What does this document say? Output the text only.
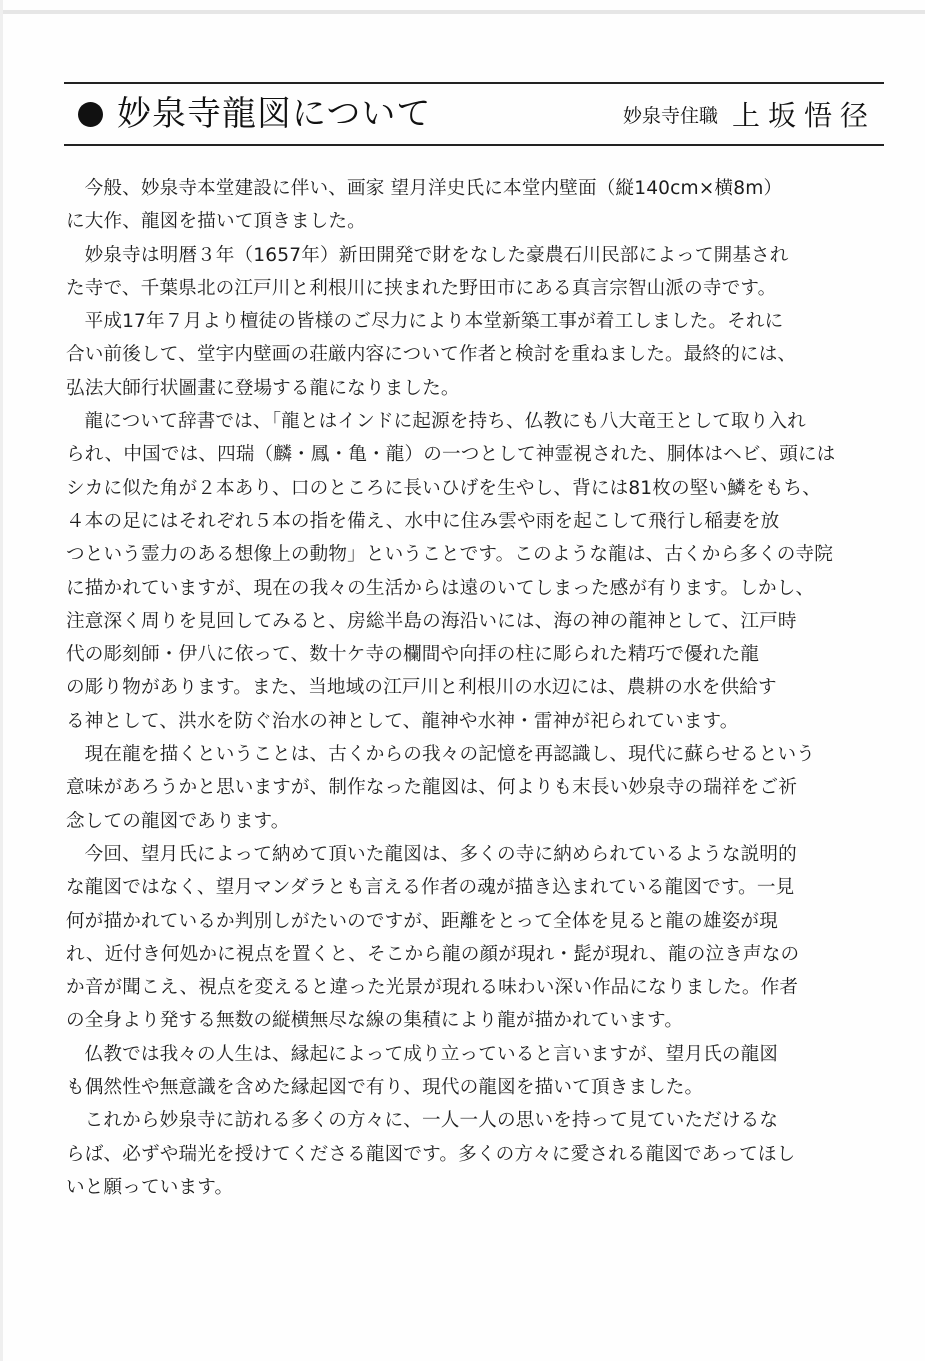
妙泉寺龍図について	妙泉寺住職 上坂悟径
今般、妙泉寺本堂建設に伴い、画家 望月洋史氏に本堂内壁面（縦140cm×横8m）
に大作、龍図を描いて頂きました。
妙泉寺は明暦３年（1657年）新田開発で財をなした豪農石川民部によって開基され
た寺で、千葉県北の江戸川と利根川に挟まれた野田市にある真言宗智山派の寺です。
平成17年７月より檀徒の皆様のご尽力により本堂新築工事が着工しました。それに
合い前後して、堂宇内壁画の荘厳内容について作者と検討を重ねました。最終的には、
弘法大師行状圖畫に登場する龍になりました。
龍について辞書では、「龍とはインドに起源を持ち、仏教にも八大竜王として取り入れ
られ、中国では、四瑞（麟・鳳・亀・龍）の一つとして神霊視された、胴体はヘビ、頭には
シカに似た角が２本あり、口のところに長いひげを生やし、背には81枚の堅い鱗をもち、
４本の足にはそれぞれ５本の指を備え、水中に住み雲や雨を起こして飛行し稲妻を放
つという霊力のある想像上の動物」ということです。このような龍は、古くから多くの寺院
に描かれていますが、現在の我々の生活からは遠のいてしまった感が有ります。しかし、
注意深く周りを見回してみると、房総半島の海沿いには、海の神の龍神として、江戸時
代の彫刻師・伊八に依って、数十ケ寺の欄間や向拝の柱に彫られた精巧で優れた龍
の彫り物があります。また、当地域の江戸川と利根川の水辺には、農耕の水を供給す
る神として、洪水を防ぐ治水の神として、龍神や水神・雷神が祀られています。
現在龍を描くということは、古くからの我々の記憶を再認識し、現代に蘇らせるという
意味があろうかと思いますが、制作なった龍図は、何よりも末長い妙泉寺の瑞祥をご祈
念しての龍図であります。
今回、望月氏によって納めて頂いた龍図は、多くの寺に納められているような説明的
な龍図ではなく、望月マンダラとも言える作者の魂が描き込まれている龍図です。一見
何が描かれているか判別しがたいのですが、距離をとって全体を見ると龍の雄姿が現
れ、近付き何処かに視点を置くと、そこから龍の顔が現れ・髭が現れ、龍の泣き声なの
か音が聞こえ、視点を変えると違った光景が現れる味わい深い作品になりました。作者
の全身より発する無数の縦横無尽な線の集積により龍が描かれています。
仏教では我々の人生は、縁起によって成り立っていると言いますが、望月氏の龍図
も偶然性や無意識を含めた縁起図で有り、現代の龍図を描いて頂きました。
これから妙泉寺に訪れる多くの方々に、一人一人の思いを持って見ていただけるな
らば、必ずや瑞光を授けてくださる龍図です。多くの方々に愛される龍図であってほし
いと願っています。
